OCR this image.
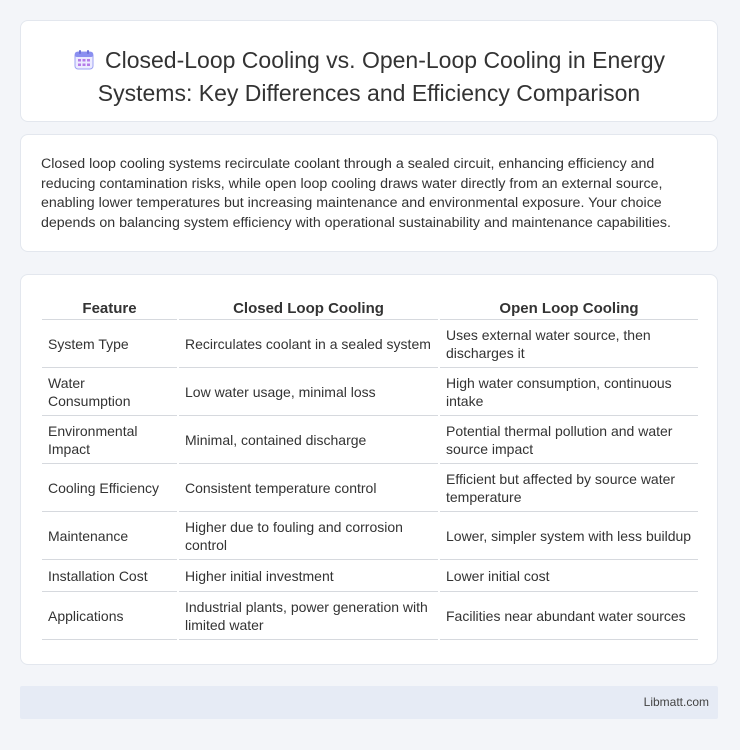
Closed-Loop Cooling vs. Open-Loop Cooling in Energy Systems: Key Differences and Efficiency Comparison

Closed loop cooling systems recirculate coolant through a sealed circuit, enhancing efficiency and reducing contamination risks, while open loop cooling draws water directly from an external source, enabling lower temperatures but increasing maintenance and environmental exposure. Your choice depends on balancing system efficiency with operational sustainability and maintenance capabilities.

Feature	Closed Loop Cooling	Open Loop Cooling
System Type	Recirculates coolant in a sealed system	Uses external water source, then discharges it
Water Consumption	Low water usage, minimal loss	High water consumption, continuous intake
Environmental Impact	Minimal, contained discharge	Potential thermal pollution and water source impact
Cooling Efficiency	Consistent temperature control	Efficient but affected by source water temperature
Maintenance	Higher due to fouling and corrosion control	Lower, simpler system with less buildup
Installation Cost	Higher initial investment	Lower initial cost
Applications	Industrial plants, power generation with limited water	Facilities near abundant water sources
Libmatt.com
